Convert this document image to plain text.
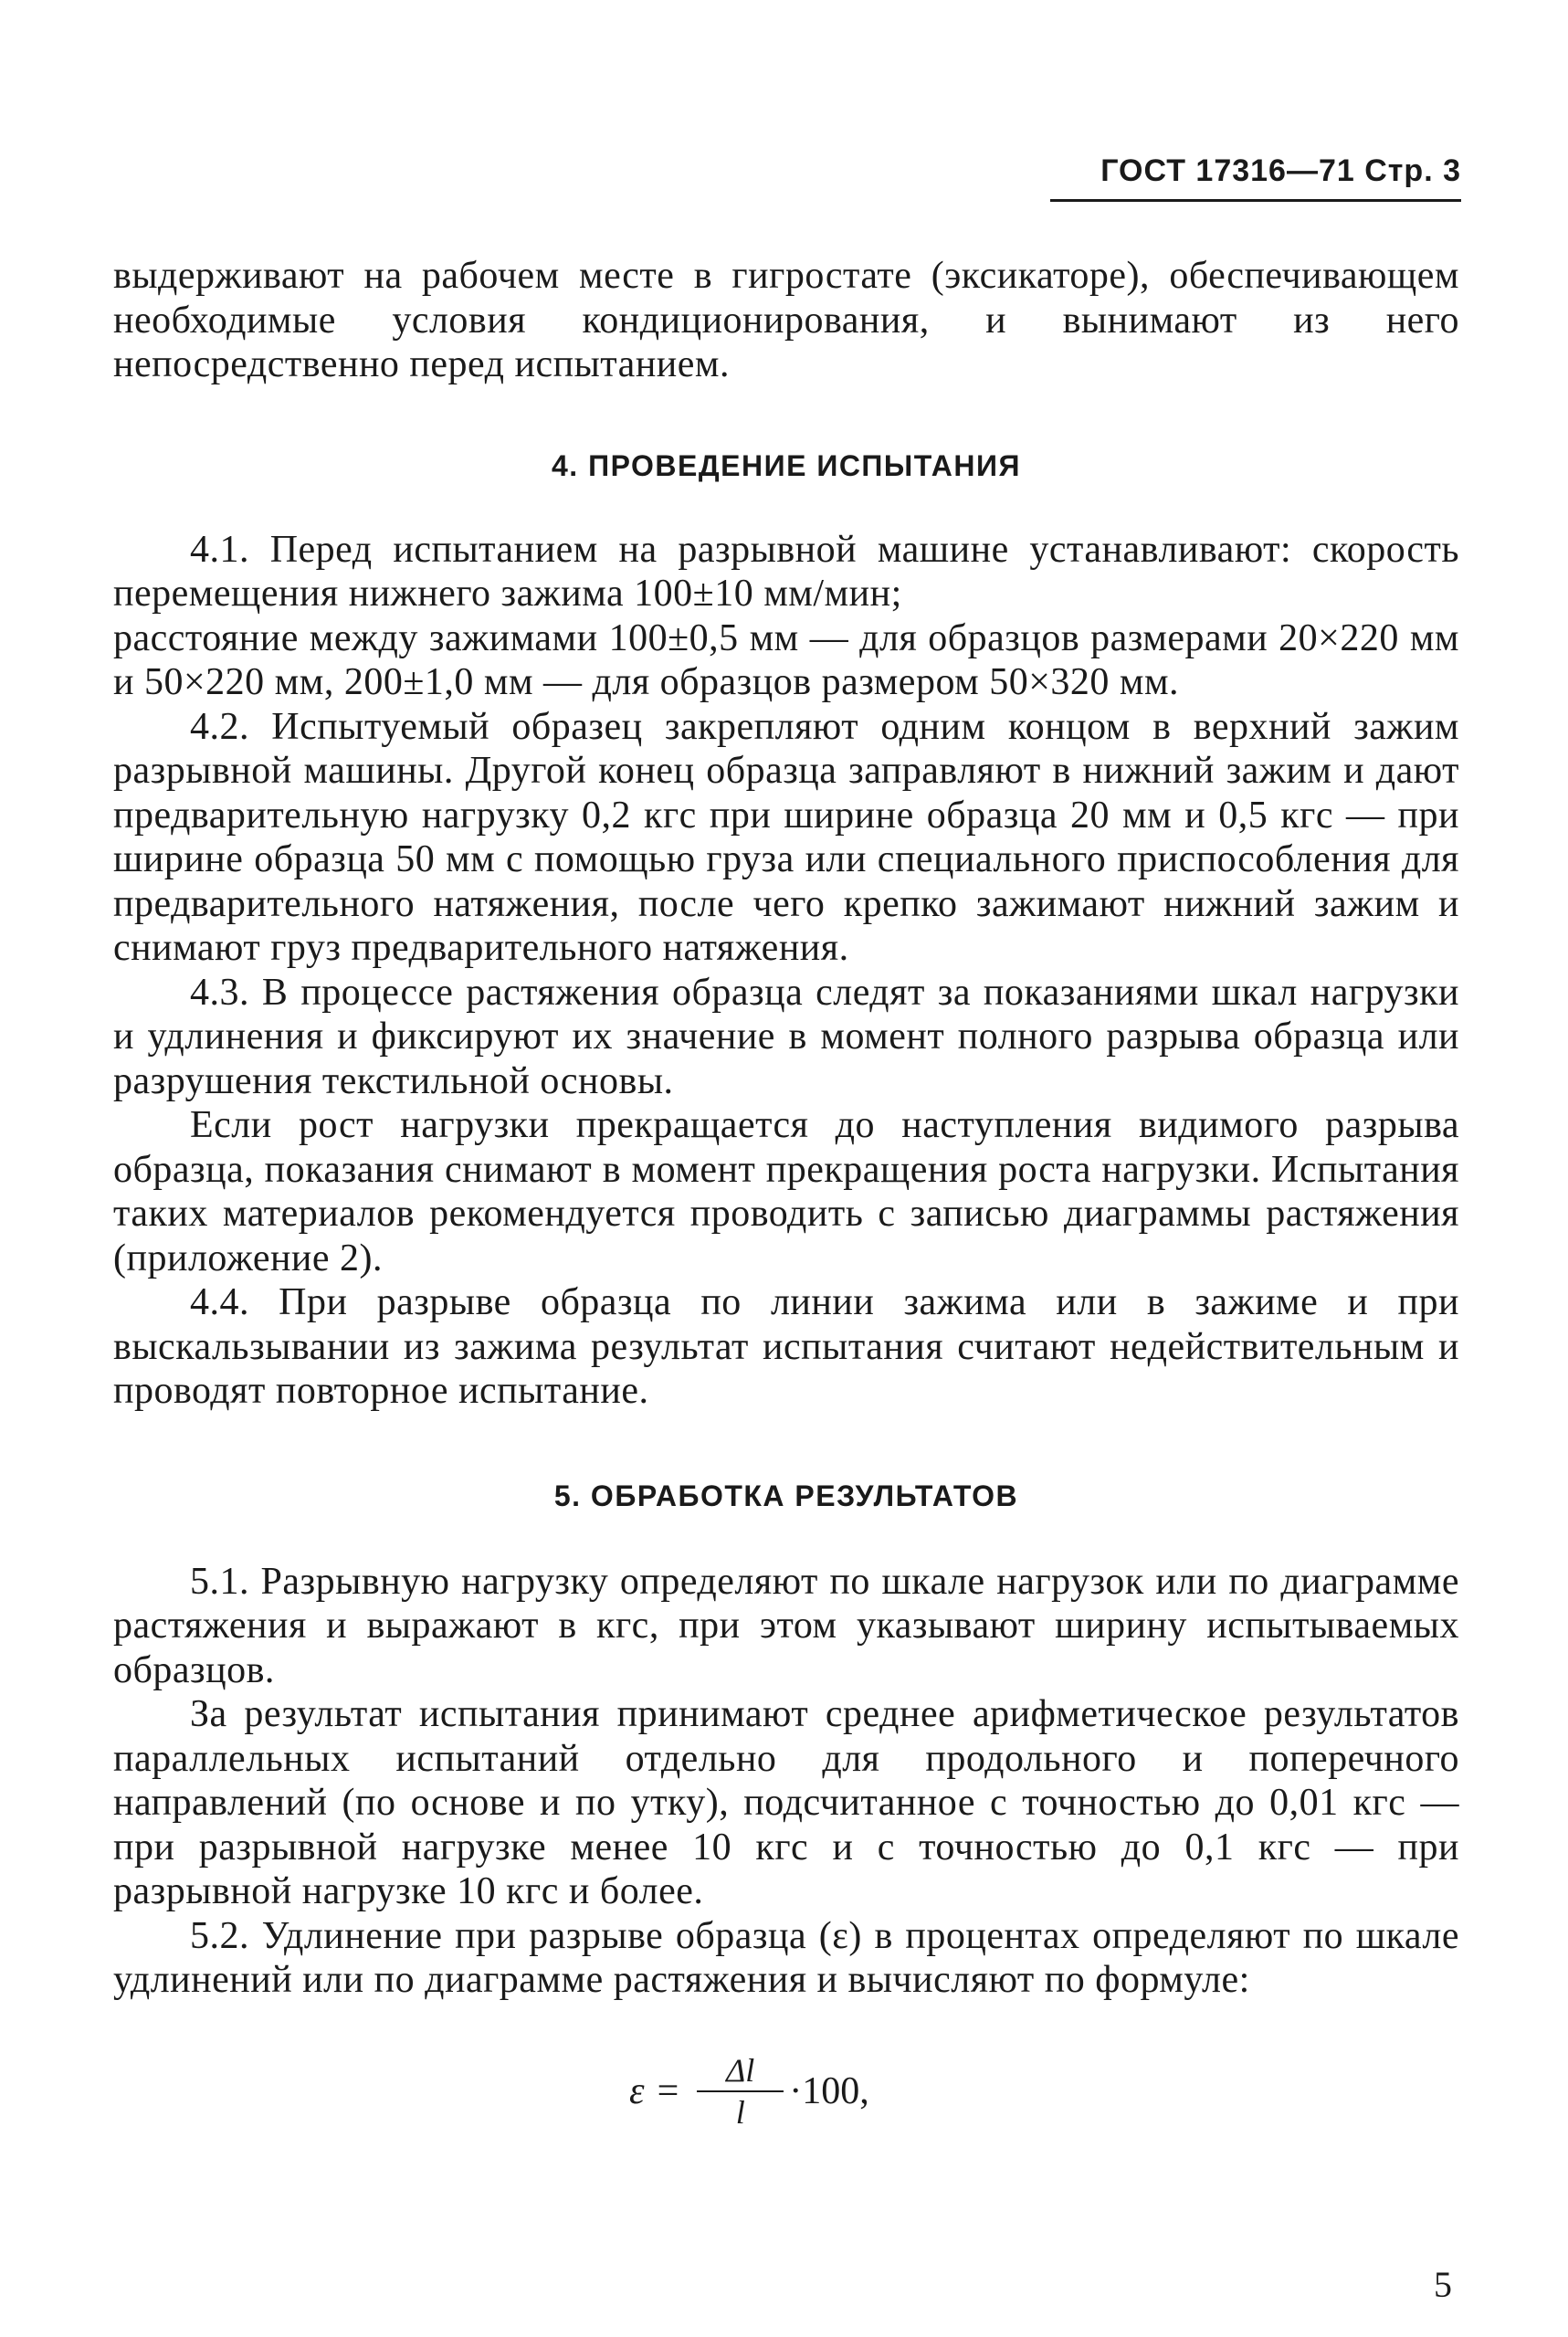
ГОСТ 17316—71 Стр. 3

выдерживают на рабочем месте в гигростате (эксикаторе), обеспечивающем необходимые условия кондиционирования, и вынимают из него непосредственно перед испытанием.

4. ПРОВЕДЕНИЕ ИСПЫТАНИЯ

4.1. Перед испытанием на разрывной машине устанавливают: скорость перемещения нижнего зажима 100±10 мм/мин;

расстояние между зажимами 100±0,5 мм — для образцов размерами 20×220 мм и 50×220 мм, 200±1,0 мм — для образцов размером 50×320 мм.

4.2. Испытуемый образец закрепляют одним концом в верхний зажим разрывной машины. Другой конец образца заправляют в нижний зажим и дают предварительную нагрузку 0,2 кгс при ширине образца 20 мм и 0,5 кгс — при ширине образца 50 мм с помощью груза или специального приспособления для предварительного натяжения, после чего крепко зажимают нижний зажим и снимают груз предварительного натяжения.

4.3. В процессе растяжения образца следят за показаниями шкал нагрузки и удлинения и фиксируют их значение в момент полного разрыва образца или разрушения текстильной основы.

Если рост нагрузки прекращается до наступления видимого разрыва образца, показания снимают в момент прекращения роста нагрузки. Испытания таких материалов рекомендуется проводить с записью диаграммы растяжения (приложение 2).

4.4. При разрыве образца по линии зажима или в зажиме и при выскальзывании из зажима результат испытания считают недействительным и проводят повторное испытание.

5. ОБРАБОТКА РЕЗУЛЬТАТОВ

5.1. Разрывную нагрузку определяют по шкале нагрузок или по диаграмме растяжения и выражают в кгс, при этом указывают ширину испытываемых образцов.

За результат испытания принимают среднее арифметическое результатов параллельных испытаний отдельно для продольного и поперечного направлений (по основе и по утку), подсчитанное с точностью до 0,01 кгс — при разрывной нагрузке менее 10 кгс и с точностью до 0,1 кгс — при разрывной нагрузке 10 кгс и более.

5.2. Удлинение при разрыве образца (ε) в процентах определяют по шкале удлинений или по диаграмме растяжения и вычисляют по формуле:

$\varepsilon = \frac{\Delta l}{l} \cdot 100$,
5
